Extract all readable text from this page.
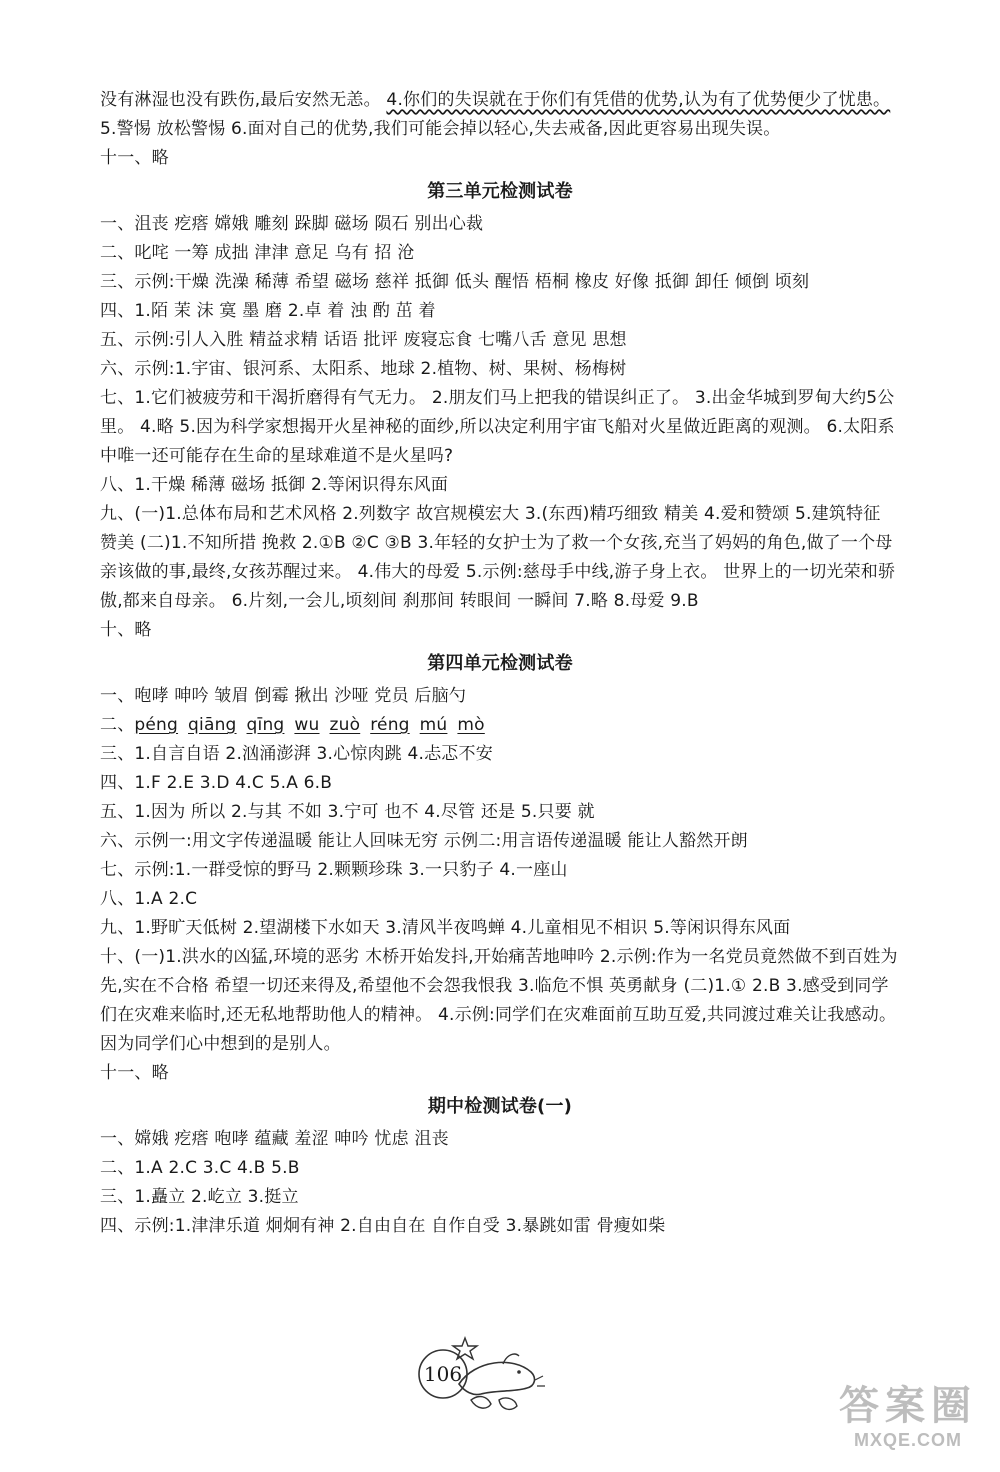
没有淋湿也没有跌伤,最后安然无恙。 4.你们的失误就在于你们有凭借的优势,认为有了优势便少了忧患。 5.警惕 放松警惕 6.面对自己的优势,我们可能会掉以轻心,失去戒备,因此更容易出现失误。
十一、略
第三单元检测试卷
一、沮丧 疙瘩 嫦娥 雕刻 跺脚 磁场 陨石 别出心裁
二、叱咤 一筹 成拙 津津 意足 乌有 招 沧
三、示例:干燥 洗澡 稀薄 希望 磁场 慈祥 抵御 低头 醒悟 梧桐 橡皮 好像 抵御 卸任 倾倒 顷刻
四、1.陌 茉 沫 寞 墨 磨 2.卓 着 浊 酌 茁 着
五、示例:引人入胜 精益求精 话语 批评 废寝忘食 七嘴八舌 意见 思想
六、示例:1.宇宙、银河系、太阳系、地球 2.植物、树、果树、杨梅树
七、1.它们被疲劳和干渴折磨得有气无力。 2.朋友们马上把我的错误纠正了。 3.出金华城到罗甸大约5公里。 4.略 5.因为科学家想揭开火星神秘的面纱,所以决定利用宇宙飞船对火星做近距离的观测。 6.太阳系中唯一还可能存在生命的星球难道不是火星吗?
八、1.干燥 稀薄 磁场 抵御 2.等闲识得东风面
九、(一)1.总体布局和艺术风格 2.列数字 故宫规模宏大 3.(东西)精巧细致 精美 4.爱和赞颂 5.建筑特征 赞美 (二)1.不知所措 挽救 2.①B ②C ③B 3.年轻的女护士为了救一个女孩,充当了妈妈的角色,做了一个母亲该做的事,最终,女孩苏醒过来。 4.伟大的母爱 5.示例:慈母手中线,游子身上衣。 世界上的一切光荣和骄傲,都来自母亲。 6.片刻,一会儿,顷刻间 刹那间 转眼间 一瞬间 7.略 8.母爱 9.B
十、略
第四单元检测试卷
一、咆哮 呻吟 皱眉 倒霉 揪出 沙哑 党员 后脑勺
二、péng qiāng qīng wu zuò réng mú mò
三、1.自言自语 2.汹涌澎湃 3.心惊肉跳 4.忐忑不安
四、1.F 2.E 3.D 4.C 5.A 6.B
五、1.因为 所以 2.与其 不如 3.宁可 也不 4.尽管 还是 5.只要 就
六、示例一:用文字传递温暖 能让人回味无穷 示例二:用言语传递温暖 能让人豁然开朗
七、示例:1.一群受惊的野马 2.颗颗珍珠 3.一只豹子 4.一座山
八、1.A 2.C
九、1.野旷天低树 2.望湖楼下水如天 3.清风半夜鸣蝉 4.儿童相见不相识 5.等闲识得东风面
十、(一)1.洪水的凶猛,环境的恶劣 木桥开始发抖,开始痛苦地呻吟 2.示例:作为一名党员竟然做不到百姓为先,实在不合格 希望一切还来得及,希望他不会怨我恨我 3.临危不惧 英勇献身 (二)1.① 2.B 3.感受到同学们在灾难来临时,还无私地帮助他人的精神。 4.示例:同学们在灾难面前互助互爱,共同渡过难关让我感动。因为同学们心中想到的是别人。
十一、略
期中检测试卷(一)
一、嫦娥 疙瘩 咆哮 蕴藏 羞涩 呻吟 忧虑 沮丧
二、1.A 2.C 3.C 4.B 5.B
三、1.矗立 2.屹立 3.挺立
四、示例:1.津津乐道 炯炯有神 2.自由自在 自作自受 3.暴跳如雷 骨瘦如柴
106
答案圈
MXQE.COM
